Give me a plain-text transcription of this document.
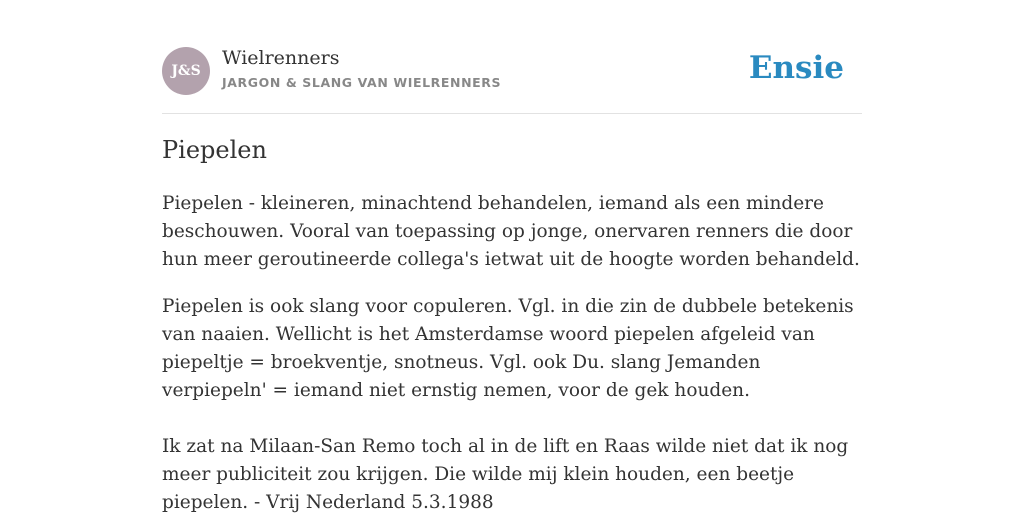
J&S
Wielrenners
JARGON & SLANG VAN WIELRENNERS	Ensie
Piepelen

Piepelen - kleineren, minachtend behandelen, iemand als een mindere beschouwen. Vooral van toepassing op jonge, onervaren renners die door hun meer geroutineerde collega's ietwat uit de hoogte worden behandeld.

Piepelen is ook slang voor copuleren. Vgl. in die zin de dubbele betekenis van naaien. Wellicht is het Amsterdamse woord piepelen afgeleid van piepeltje = broekventje, snotneus. Vgl. ook Du. slang Jemanden verpiepeln' = iemand niet ernstig nemen, voor de gek houden.

Ik zat na Milaan-San Remo toch al in de lift en Raas wilde niet dat ik nog meer publiciteit zou krijgen. Die wilde mij klein houden, een beetje piepelen. - Vrij Nederland 5.3.1988
